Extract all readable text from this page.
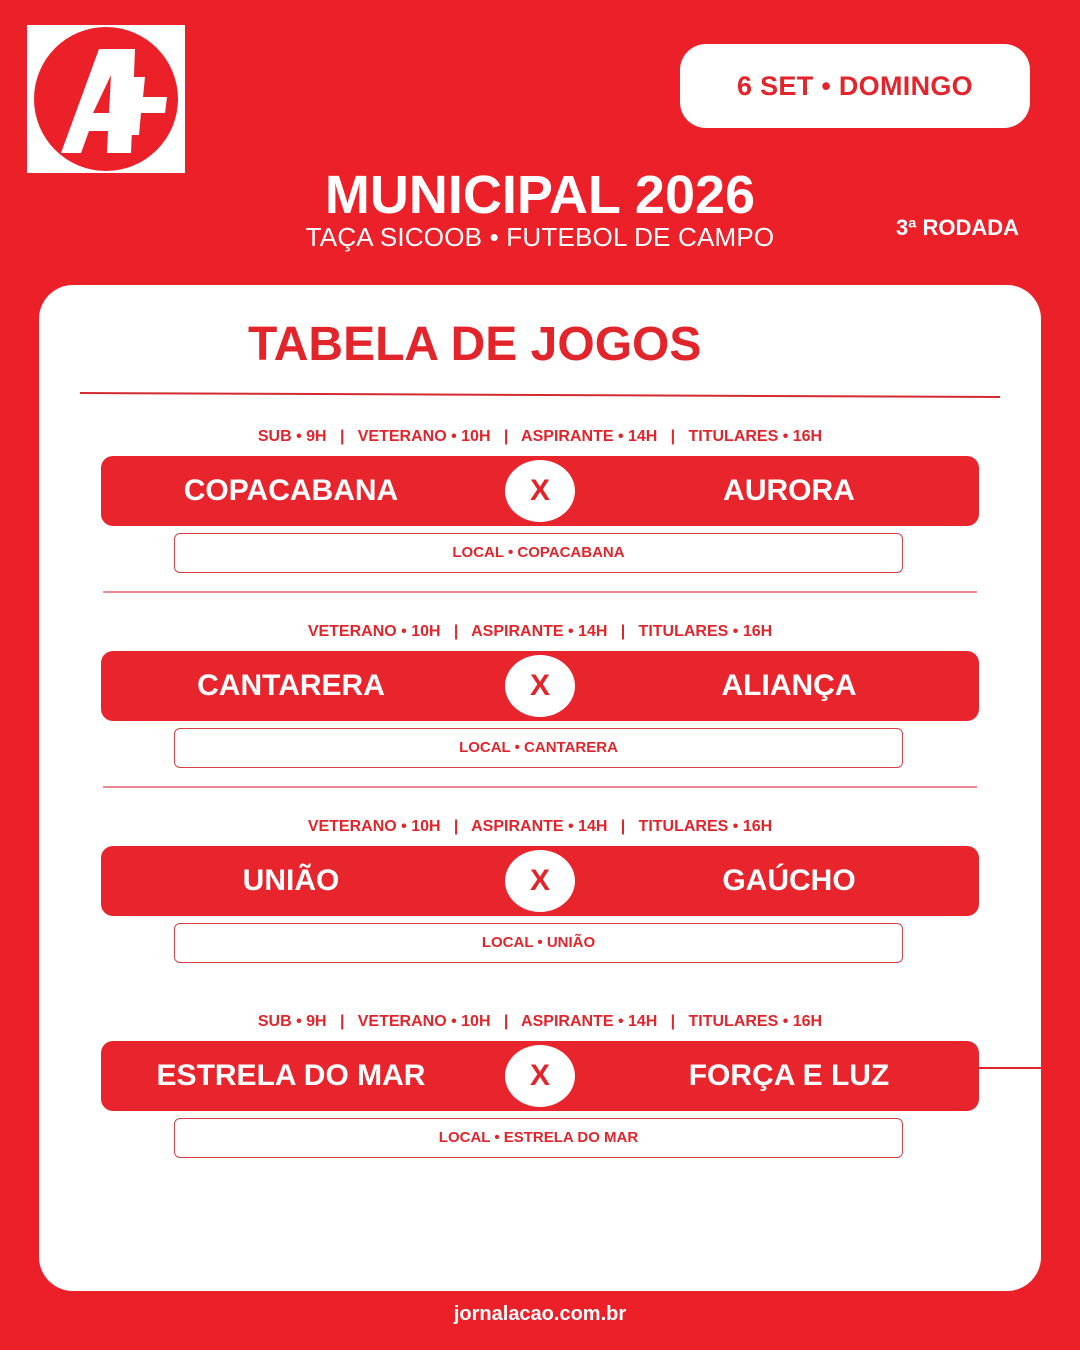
6 SET • DOMINGO
MUNICIPAL 2026
TAÇA SICOOB • FUTEBOL DE CAMPO	3ª RODADA
TABELA DE JOGOS
SUB • 9H   |   VETERANO • 10H   |   ASPIRANTE • 14H   |   TITULARES • 16H
COPACABANA	X	AURORA
LOCAL • COPACABANA
VETERANO • 10H   |   ASPIRANTE • 14H   |   TITULARES • 16H
CANTARERA	X	ALIANÇA
LOCAL • CANTARERA
VETERANO • 10H   |   ASPIRANTE • 14H   |   TITULARES • 16H
UNIÃO	X	GAÚCHO
LOCAL • UNIÃO
SUB • 9H   |   VETERANO • 10H   |   ASPIRANTE • 14H   |   TITULARES • 16H
ESTRELA DO MAR	X	FORÇA E LUZ
LOCAL • ESTRELA DO MAR
jornalacao.com.br
